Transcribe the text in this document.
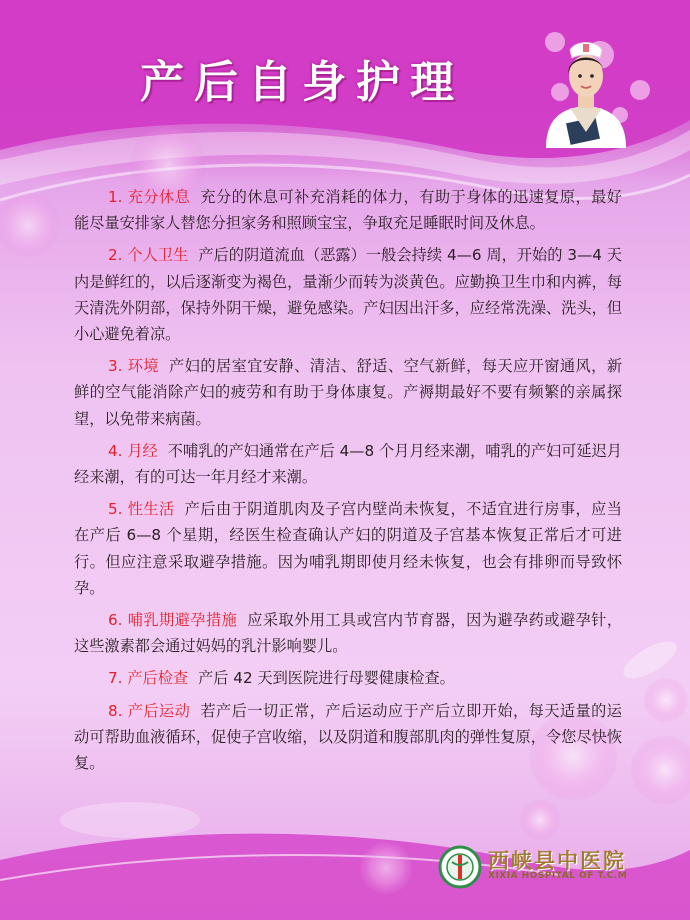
产后自身护理

1. 充分休息 充分的休息可补充消耗的体力，有助于身体的迅速复原，最好能尽量安排家人替您分担家务和照顾宝宝，争取充足睡眠时间及休息。

2. 个人卫生 产后的阴道流血（恶露）一般会持续 4—6 周，开始的 3—4 天内是鲜红的，以后逐渐变为褐色，量渐少而转为淡黄色。应勤换卫生巾和内裤，每天清洗外阴部，保持外阴干燥，避免感染。产妇因出汗多，应经常洗澡、洗头，但小心避免着凉。

3. 环境 产妇的居室宜安静、清洁、舒适、空气新鲜，每天应开窗通风，新鲜的空气能消除产妇的疲劳和有助于身体康复。产褥期最好不要有频繁的亲属探望，以免带来病菌。

4. 月经 不哺乳的产妇通常在产后 4—8 个月月经来潮，哺乳的产妇可延迟月经来潮，有的可达一年月经才来潮。

5. 性生活 产后由于阴道肌肉及子宫内壁尚未恢复，不适宜进行房事，应当在产后 6—8 个星期，经医生检查确认产妇的阴道及子宫基本恢复正常后才可进行。但应注意采取避孕措施。因为哺乳期即使月经未恢复，也会有排卵而导致怀孕。

6. 哺乳期避孕措施 应采取外用工具或宫内节育器，因为避孕药或避孕针，这些激素都会通过妈妈的乳汁影响婴儿。

7. 产后检查 产后 42 天到医院进行母婴健康检查。

8. 产后运动 若产后一切正常，产后运动应于产后立即开始，每天适量的运动可帮助血液循环，促使子宫收缩，以及阴道和腹部肌肉的弹性复原，令您尽快恢复。

西峡县中医院
XIXIA HOSPITAL OF T.C.M
